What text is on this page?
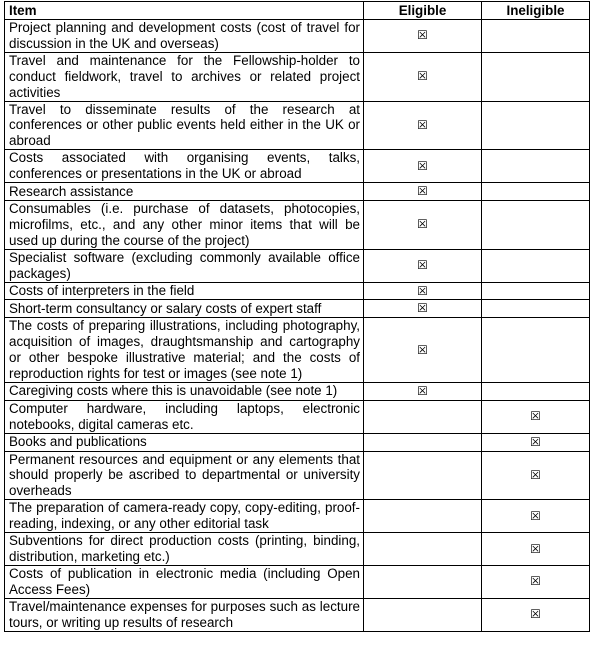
Item	Eligible	Ineligible
Project planning and development costs (cost of travel for discussion in the UK and overseas)	☒	
Travel and maintenance for the Fellowship-holder to conduct fieldwork, travel to archives or related project activities	☒	
Travel to disseminate results of the research at conferences or other public events held either in the UK or abroad	☒	
Costs associated with organising events, talks, conferences or presentations in the UK or abroad	☒	
Research assistance	☒	
Consumables (i.e. purchase of datasets, photocopies, microfilms, etc., and any other minor items that will be used up during the course of the project)	☒	
Specialist software (excluding commonly available office packages)	☒	
Costs of interpreters in the field	☒	
Short-term consultancy or salary costs of expert staff	☒	
The costs of preparing illustrations, including photography, acquisition of images, draughtsmanship and cartography or other bespoke illustrative material; and the costs of reproduction rights for test or images (see note 1)	☒	
Caregiving costs where this is unavoidable (see note 1)	☒	
Computer hardware, including laptops, electronic notebooks, digital cameras etc.		☒
Books and publications		☒
Permanent resources and equipment or any elements that should properly be ascribed to departmental or university overheads		☒
The preparation of camera-ready copy, copy-editing, proof-reading, indexing, or any other editorial task		☒
Subventions for direct production costs (printing, binding, distribution, marketing etc.)		☒
Costs of publication in electronic media (including Open Access Fees)		☒
Travel/maintenance expenses for purposes such as lecture tours, or writing up results of research		☒
